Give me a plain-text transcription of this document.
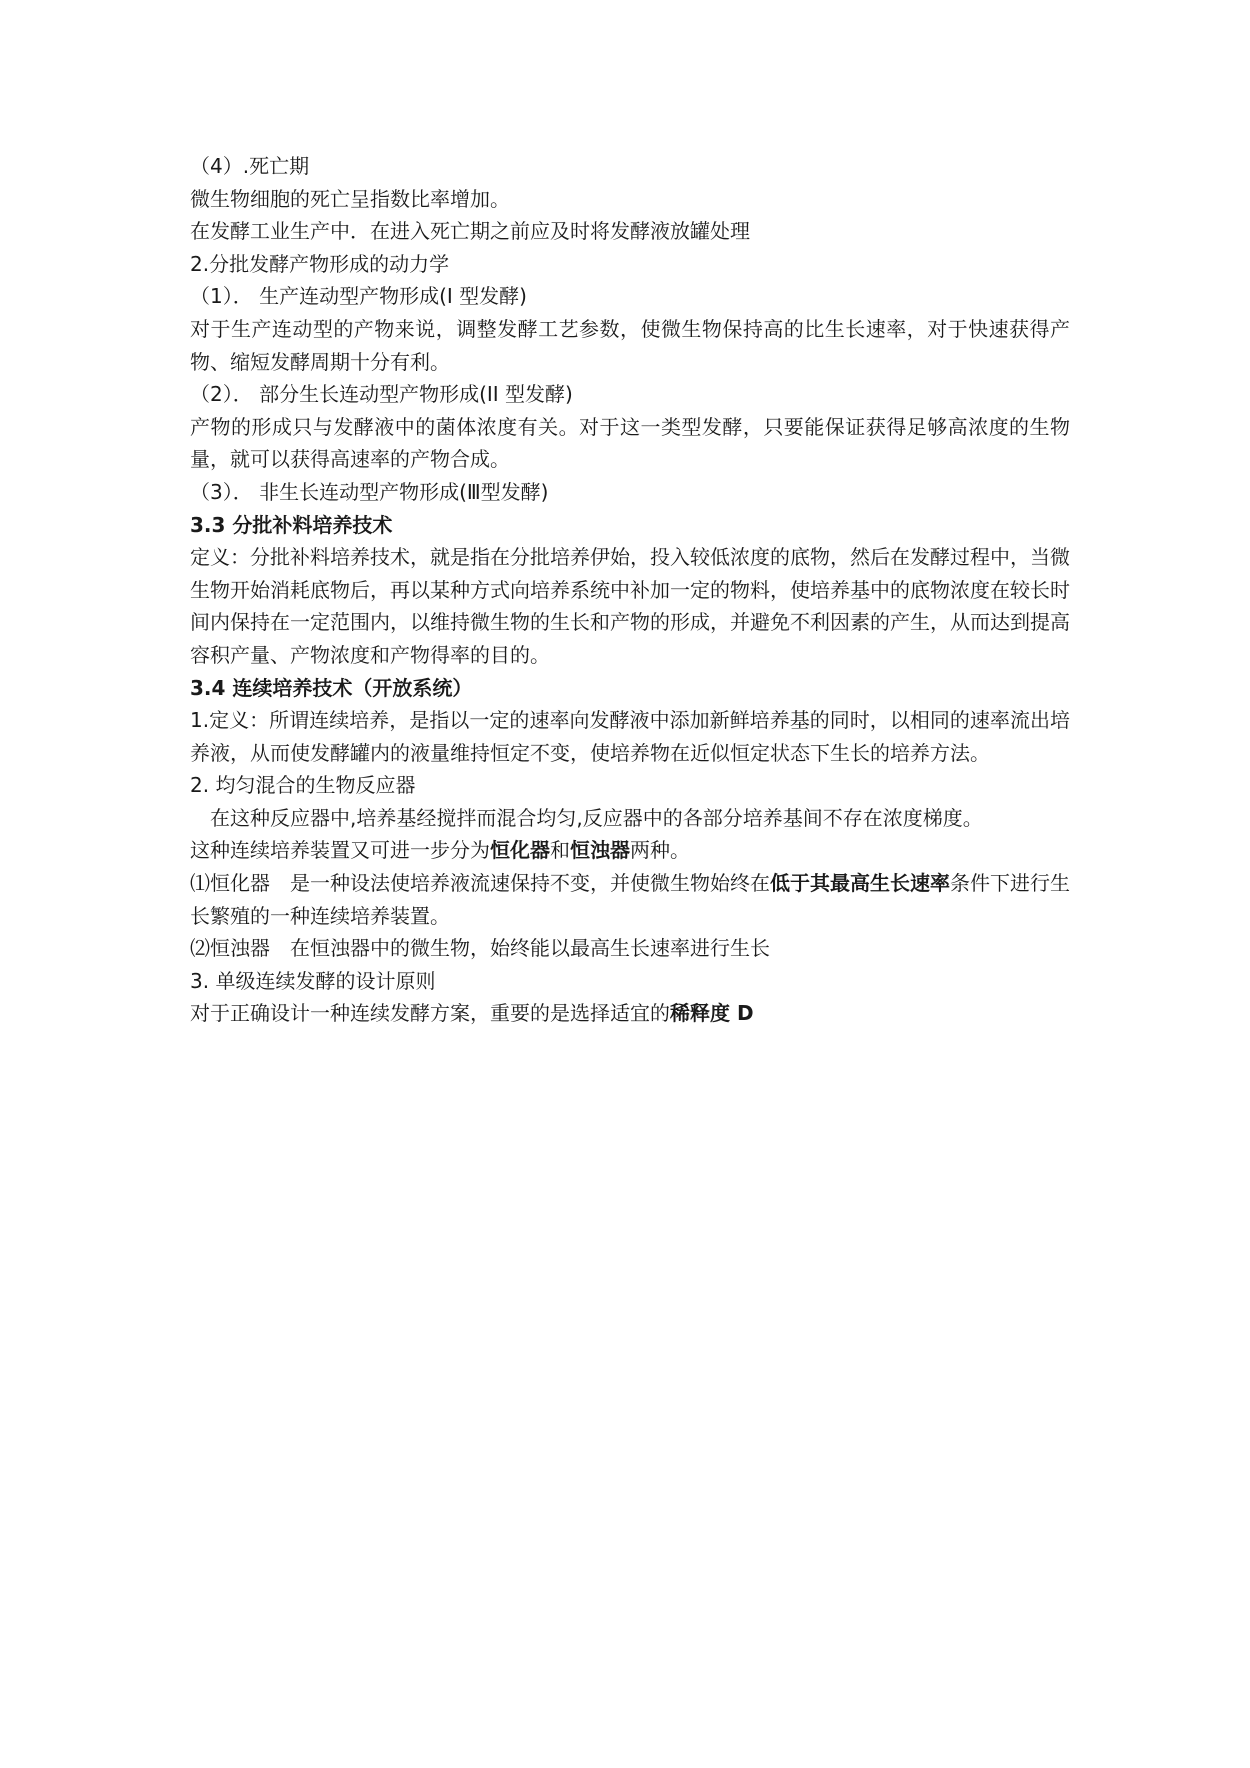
（4）.死亡期
微生物细胞的死亡呈指数比率增加。
在发酵工业生产中．在进入死亡期之前应及时将发酵液放罐处理
2.分批发酵产物形成的动力学
（1）． 生产连动型产物形成(I 型发酵)
对于生产连动型的产物来说，调整发酵工艺参数，使微生物保持高的比生长速率，对于快速获得产物、缩短发酵周期十分有利。
（2）． 部分生长连动型产物形成(II 型发酵)
产物的形成只与发酵液中的菌体浓度有关。对于这一类型发酵，只要能保证获得足够高浓度的生物量，就可以获得高速率的产物合成。
（3）． 非生长连动型产物形成(Ⅲ型发酵)
3.3 分批补料培养技术
定义：分批补料培养技术，就是指在分批培养伊始，投入较低浓度的底物，然后在发酵过程中，当微生物开始消耗底物后，再以某种方式向培养系统中补加一定的物料，使培养基中的底物浓度在较长时间内保持在一定范围内，以维持微生物的生长和产物的形成，并避免不利因素的产生，从而达到提高容积产量、产物浓度和产物得率的目的。
3.4 连续培养技术（开放系统）
1.定义：所谓连续培养，是指以一定的速率向发酵液中添加新鲜培养基的同时，以相同的速率流出培养液，从而使发酵罐内的液量维持恒定不变，使培养物在近似恒定状态下生长的培养方法。
2. 均匀混合的生物反应器
在这种反应器中,培养基经搅拌而混合均匀,反应器中的各部分培养基间不存在浓度梯度。
这种连续培养装置又可进一步分为恒化器和恒浊器两种。
⑴恒化器　是一种设法使培养液流速保持不变，并使微生物始终在低于其最高生长速率条件下进行生长繁殖的一种连续培养装置。
⑵恒浊器　在恒浊器中的微生物，始终能以最高生长速率进行生长
3. 单级连续发酵的设计原则
对于正确设计一种连续发酵方案，重要的是选择适宜的稀释度 D
